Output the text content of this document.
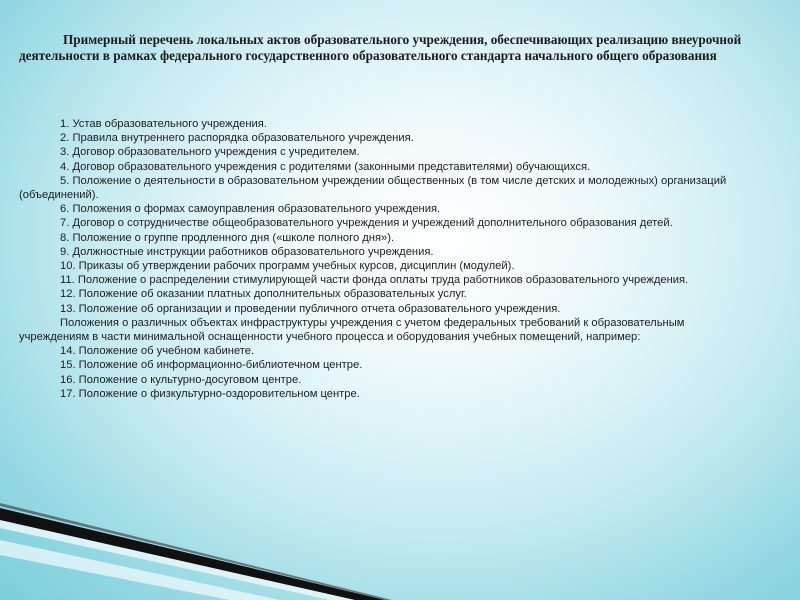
Примерный перечень локальных актов образовательного учреждения, обеспечивающих реализацию внеурочной деятельности в рамках федерального государственного образовательного стандарта начального общего образования

1. Устав образовательного учреждения.

2. Правила внутреннего распорядка образовательного учреждения.

3. Договор образовательного учреждения с учредителем.

4. Договор образовательного учреждения с родителями (законными представителями) обучающихся.

5. Положение о деятельности в образовательном учреждении общественных (в том числе детских и молодежных) организаций (объединений).

6. Положения о формах самоуправления образовательного учреждения.

7. Договор о сотрудничестве общеобразовательного учреждения и учреждений дополнительного образования детей.

8. Положение о группе продленного дня («школе полного дня»).

9. Должностные инструкции работников образовательного учреждения.

10. Приказы об утверждении рабочих программ учебных курсов, дисциплин (модулей).

11. Положение о распределении стимулирующей части фонда оплаты труда работников образовательного учреждения.

12. Положение об оказании платных дополнительных образовательных услуг.

13. Положение об организации и проведении публичного отчета образовательного учреждения.

Положения о различных объектах инфраструктуры учреждения с учетом федеральных требований к образовательным учреждениям в части минимальной оснащенности учебного процесса и оборудования учебных помещений, например:

14. Положение об учебном кабинете.

15. Положение об информационно-библиотечном центре.

16. Положение о культурно-досуговом центре.

17. Положение о физкультурно-оздоровительном центре.
